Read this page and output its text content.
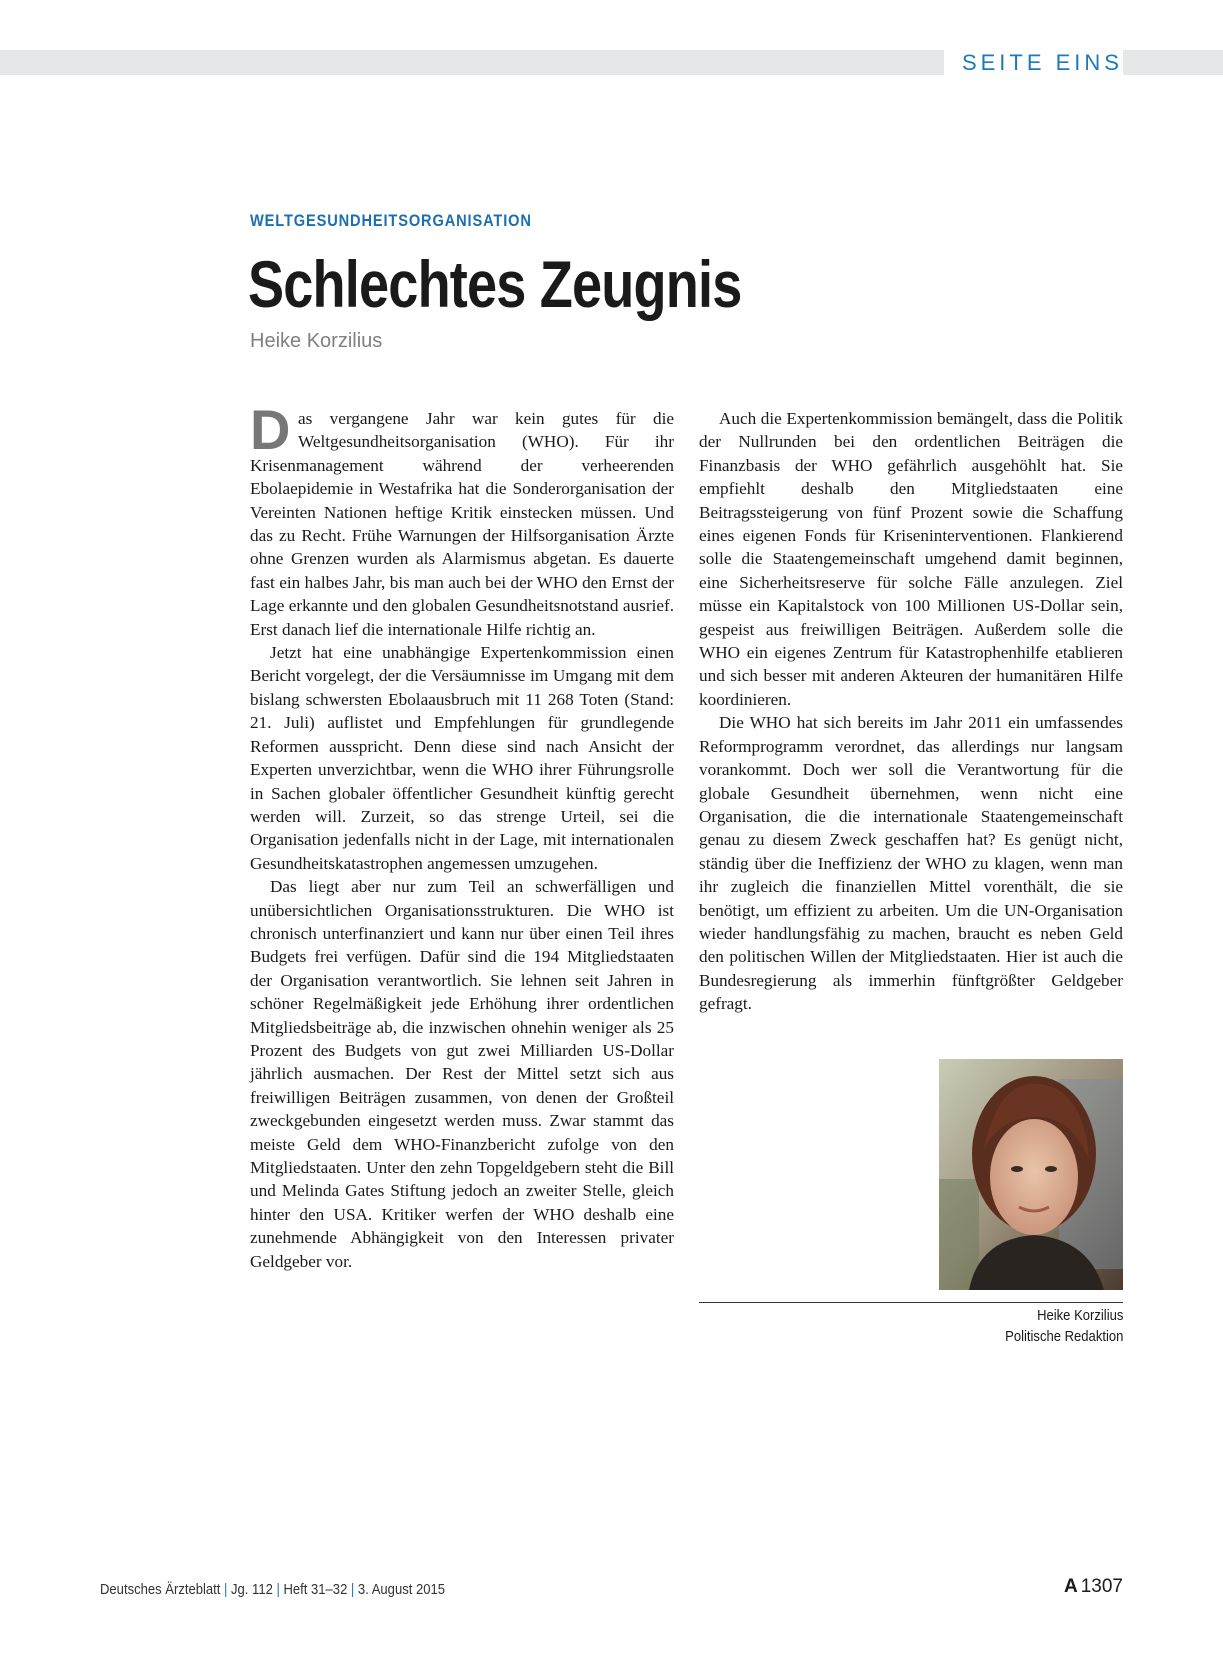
SEITE EINS
WELTGESUNDHEITSORGANISATION
Schlechtes Zeugnis
Heike Korzilius

Das vergangene Jahr war kein gutes für die Weltgesundheitsorganisation (WHO). Für ihr Krisenmanagement während der verheerenden Ebolaepidemie in Westafrika hat die Sonderorganisation der Vereinten Nationen heftige Kritik einstecken müssen. Und das zu Recht. Frühe Warnungen der Hilfsorganisation Ärzte ohne Grenzen wurden als Alarmismus abgetan. Es dauerte fast ein halbes Jahr, bis man auch bei der WHO den Ernst der Lage erkannte und den globalen Gesundheitsnotstand ausrief. Erst danach lief die internationale Hilfe richtig an.

Jetzt hat eine unabhängige Expertenkommission einen Bericht vorgelegt, der die Versäumnisse im Umgang mit dem bislang schwersten Ebolaausbruch mit 11 268 Toten (Stand: 21. Juli) auflistet und Empfehlungen für grundlegende Reformen ausspricht. Denn diese sind nach Ansicht der Experten unverzichtbar, wenn die WHO ihrer Führungsrolle in Sachen globaler öffentlicher Gesundheit künftig gerecht werden will. Zurzeit, so das strenge Urteil, sei die Organisation jedenfalls nicht in der Lage, mit internationalen Gesundheitskatastrophen angemessen umzugehen.

Das liegt aber nur zum Teil an schwerfälligen und unübersichtlichen Organisationsstrukturen. Die WHO ist chronisch unterfinanziert und kann nur über einen Teil ihres Budgets frei verfügen. Dafür sind die 194 Mitgliedstaaten der Organisation verantwortlich. Sie lehnen seit Jahren in schöner Regelmäßigkeit jede Erhöhung ihrer ordentlichen Mitgliedsbeiträge ab, die inzwischen ohnehin weniger als 25 Prozent des Budgets von gut zwei Milliarden US-Dollar jährlich ausmachen. Der Rest der Mittel setzt sich aus freiwilligen Beiträgen zusammen, von denen der Großteil zweckgebunden eingesetzt werden muss. Zwar stammt das meiste Geld dem WHO-Finanzbericht zufolge von den Mitgliedstaaten. Unter den zehn Topgeldgebern steht die Bill und Melinda Gates Stiftung jedoch an zweiter Stelle, gleich hinter den USA. Kritiker werfen der WHO deshalb eine zunehmende Abhängigkeit von den Interessen privater Geldgeber vor.

Auch die Expertenkommission bemängelt, dass die Politik der Nullrunden bei den ordentlichen Beiträgen die Finanzbasis der WHO gefährlich ausgehöhlt hat. Sie empfiehlt deshalb den Mitgliedstaaten eine Beitragssteigerung von fünf Prozent sowie die Schaffung eines eigenen Fonds für Kriseninterventionen. Flankierend solle die Staatengemeinschaft umgehend damit beginnen, eine Sicherheitsreserve für solche Fälle anzulegen. Ziel müsse ein Kapitalstock von 100 Millionen US-Dollar sein, gespeist aus freiwilligen Beiträgen. Außerdem solle die WHO ein eigenes Zentrum für Katastrophenhilfe etablieren und sich besser mit anderen Akteuren der humanitären Hilfe koordinieren.

Die WHO hat sich bereits im Jahr 2011 ein umfassendes Reformprogramm verordnet, das allerdings nur langsam vorankommt. Doch wer soll die Verantwortung für die globale Gesundheit übernehmen, wenn nicht eine Organisation, die die internationale Staatengemeinschaft genau zu diesem Zweck geschaffen hat? Es genügt nicht, ständig über die Ineffizienz der WHO zu klagen, wenn man ihr zugleich die finanziellen Mittel vorenthält, die sie benötigt, um effizient zu arbeiten. Um die UN-Organisation wieder handlungsfähig zu machen, braucht es neben Geld den politischen Willen der Mitgliedstaaten. Hier ist auch die Bundesregierung als immerhin fünftgrößter Geldgeber gefragt.

Heike Korzilius
Politische Redaktion
Deutsches Ärzteblatt | Jg. 112 | Heft 31–32 | 3. August 2015	A 1307
